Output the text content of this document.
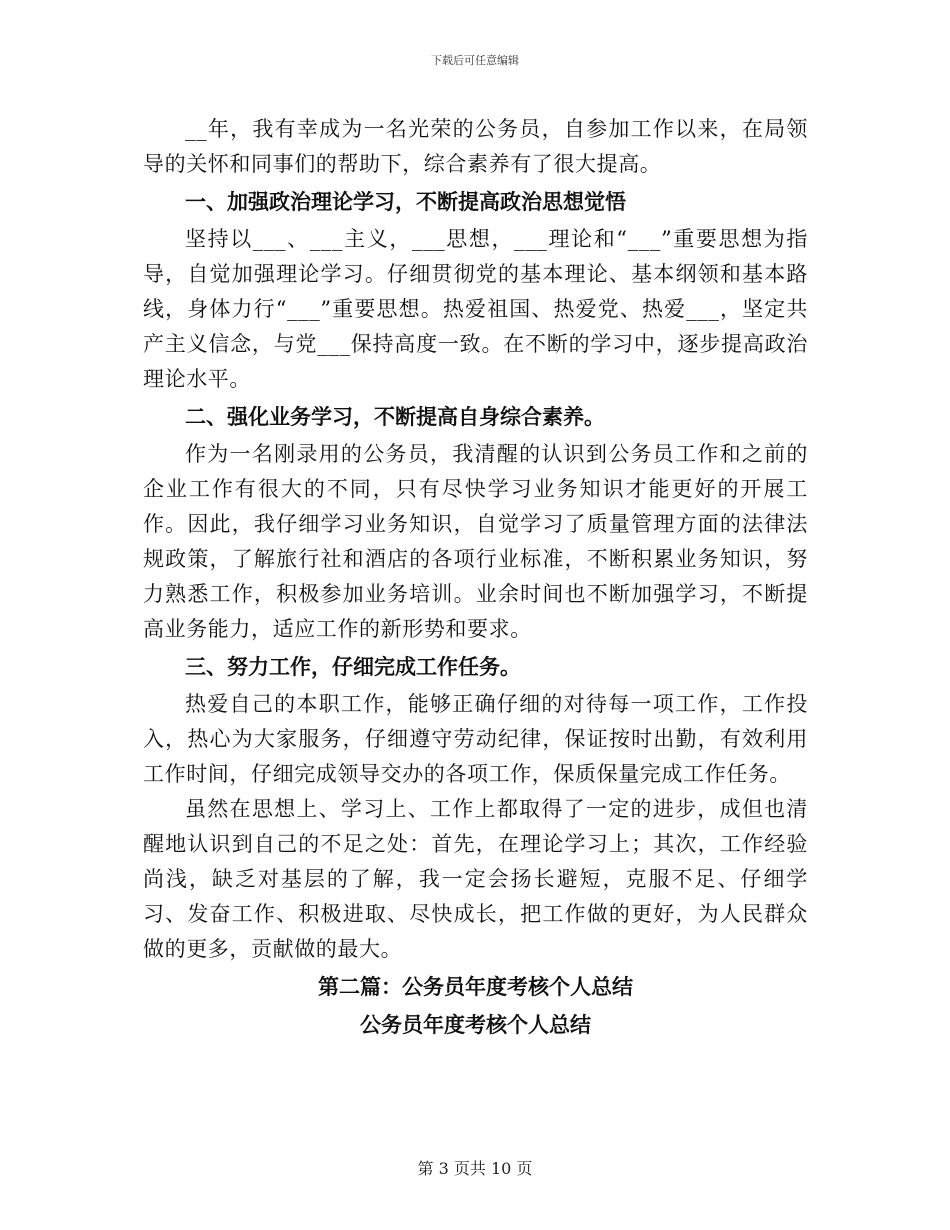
下载后可任意编辑

__年，我有幸成为一名光荣的公务员，自参加工作以来，在局领导的关怀和同事们的帮助下，综合素养有了很大提高。

一、加强政治理论学习，不断提高政治思想觉悟

坚持以___、___主义，___思想，___理论和“___”重要思想为指导，自觉加强理论学习。仔细贯彻党的基本理论、基本纲领和基本路线，身体力行“___”重要思想。热爱祖国、热爱党、热爱___，坚定共产主义信念，与党___保持高度一致。在不断的学习中，逐步提高政治理论水平。

二、强化业务学习，不断提高自身综合素养。

作为一名刚录用的公务员，我清醒的认识到公务员工作和之前的企业工作有很大的不同，只有尽快学习业务知识才能更好的开展工作。因此，我仔细学习业务知识，自觉学习了质量管理方面的法律法规政策，了解旅行社和酒店的各项行业标准，不断积累业务知识，努力熟悉工作，积极参加业务培训。业余时间也不断加强学习，不断提高业务能力，适应工作的新形势和要求。

三、努力工作，仔细完成工作任务。

热爱自己的本职工作，能够正确仔细的对待每一项工作，工作投入，热心为大家服务，仔细遵守劳动纪律，保证按时出勤，有效利用工作时间，仔细完成领导交办的各项工作，保质保量完成工作任务。

虽然在思想上、学习上、工作上都取得了一定的进步，成但也清醒地认识到自己的不足之处：首先，在理论学习上；其次，工作经验尚浅，缺乏对基层的了解，我一定会扬长避短，克服不足、仔细学习、发奋工作、积极进取、尽快成长，把工作做的更好，为人民群众做的更多，贡献做的最大。

第二篇：公务员年度考核个人总结

公务员年度考核个人总结

第 3 页共 10 页
